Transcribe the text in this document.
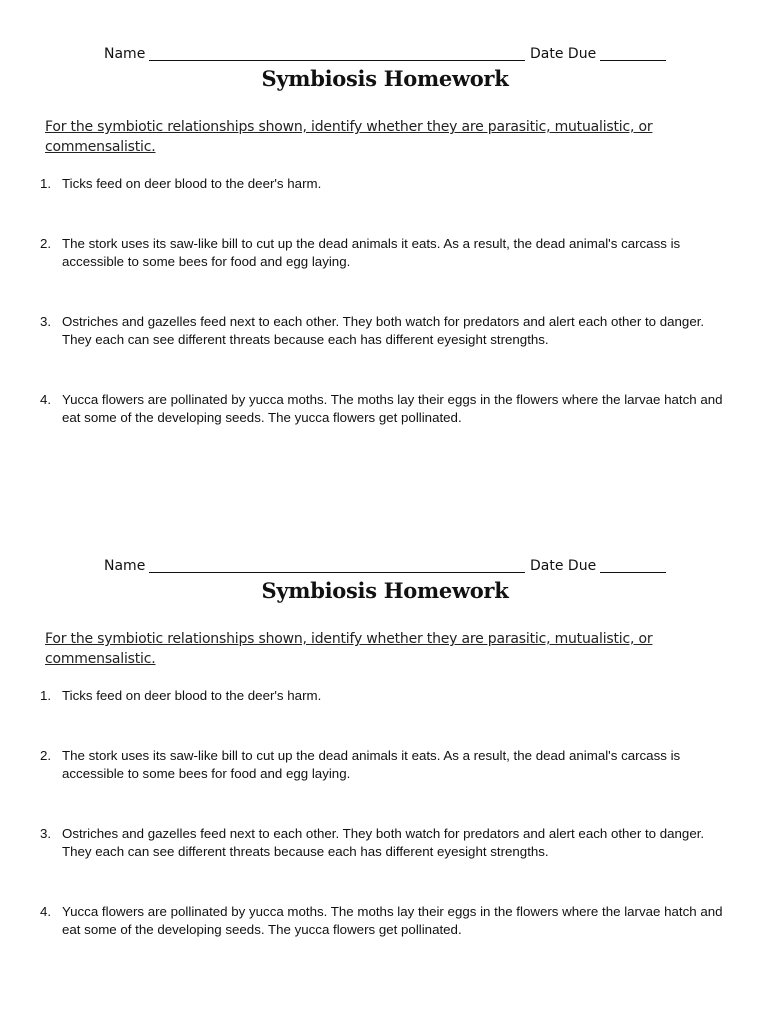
Name	Date Due
Symbiosis Homework
For the symbiotic relationships shown, identify whether they are parasitic, mutualistic, or commensalistic.
1. Ticks feed on deer blood to the deer's harm.
2. The stork uses its saw-like bill to cut up the dead animals it eats. As a result, the dead animal's carcass is accessible to some bees for food and egg laying.
3. Ostriches and gazelles feed next to each other. They both watch for predators and alert each other to danger. They each can see different threats because each has different eyesight strengths.
4. Yucca flowers are pollinated by yucca moths. The moths lay their eggs in the flowers where the larvae hatch and eat some of the developing seeds. The yucca flowers get pollinated.
Name	Date Due
Symbiosis Homework
For the symbiotic relationships shown, identify whether they are parasitic, mutualistic, or commensalistic.
1. Ticks feed on deer blood to the deer's harm.
2. The stork uses its saw-like bill to cut up the dead animals it eats. As a result, the dead animal's carcass is accessible to some bees for food and egg laying.
3. Ostriches and gazelles feed next to each other. They both watch for predators and alert each other to danger. They each can see different threats because each has different eyesight strengths.
4. Yucca flowers are pollinated by yucca moths. The moths lay their eggs in the flowers where the larvae hatch and eat some of the developing seeds. The yucca flowers get pollinated.
